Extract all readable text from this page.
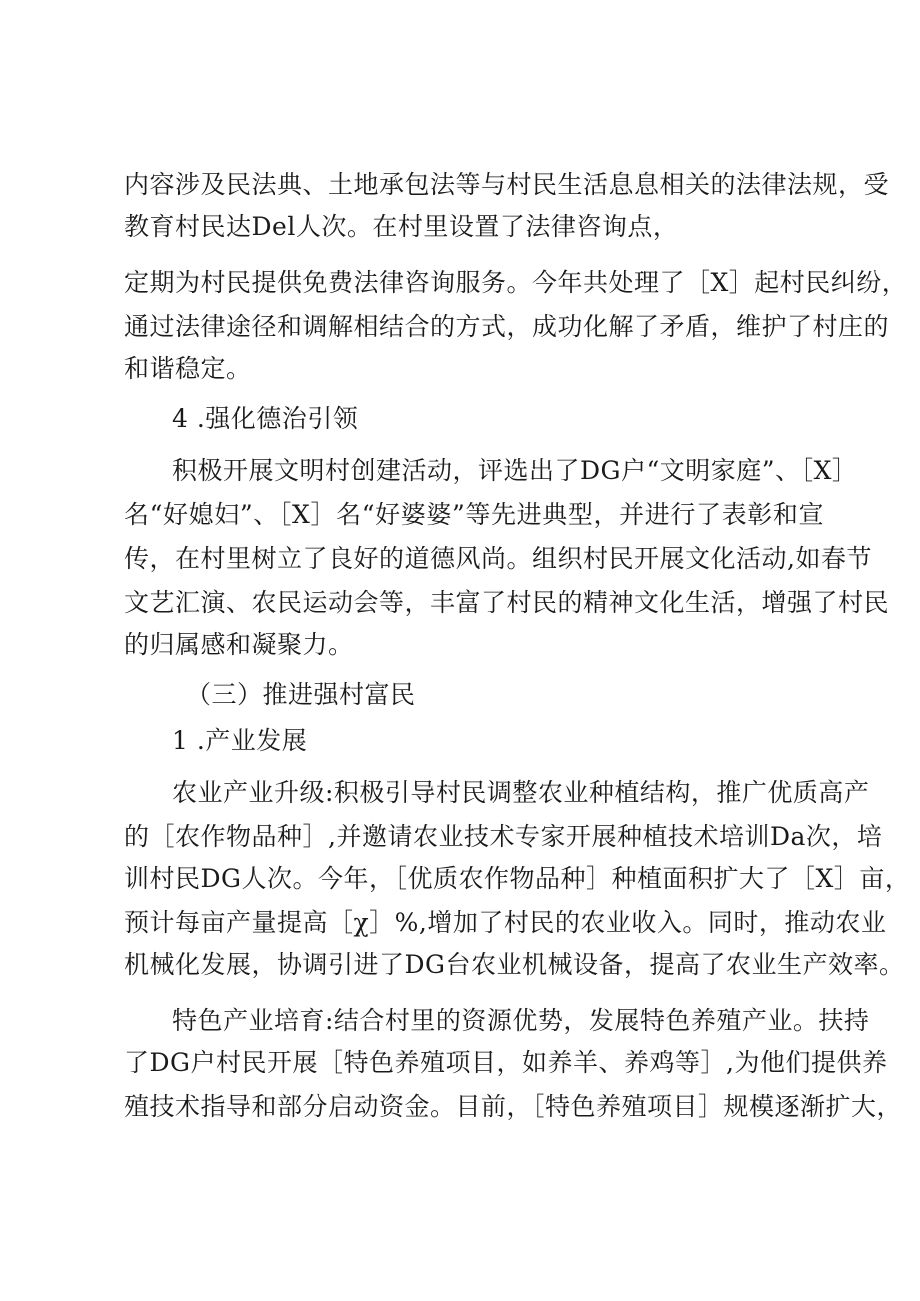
内容涉及民法典、土地承包法等与村民生活息息相关的法律法规，受

教育村民达Del人次。在村里设置了法律咨询点，

定期为村民提供免费法律咨询服务。今年共处理了［X］起村民纠纷，

通过法律途径和调解相结合的方式，成功化解了矛盾，维护了村庄的

和谐稳定。

4 .强化德治引领

积极开展文明村创建活动，评选出了DG户“文明家庭”、［X］

名“好媳妇”、［X］名“好婆婆”等先进典型，并进行了表彰和宣

传，在村里树立了良好的道德风尚。组织村民开展文化活动,如春节

文艺汇演、农民运动会等，丰富了村民的精神文化生活，增强了村民

的归属感和凝聚力。

（三）推进强村富民

1 .产业发展

农业产业升级:积极引导村民调整农业种植结构，推广优质高产

的［农作物品种］,并邀请农业技术专家开展种植技术培训Da次，培

训村民DG人次。今年，［优质农作物品种］种植面积扩大了［X］亩，

预计每亩产量提高［χ］%,增加了村民的农业收入。同时，推动农业

机械化发展，协调引进了DG台农业机械设备，提高了农业生产效率。

特色产业培育:结合村里的资源优势，发展特色养殖产业。扶持

了DG户村民开展［特色养殖项目，如养羊、养鸡等］,为他们提供养

殖技术指导和部分启动资金。目前，［特色养殖项目］规模逐渐扩大，
